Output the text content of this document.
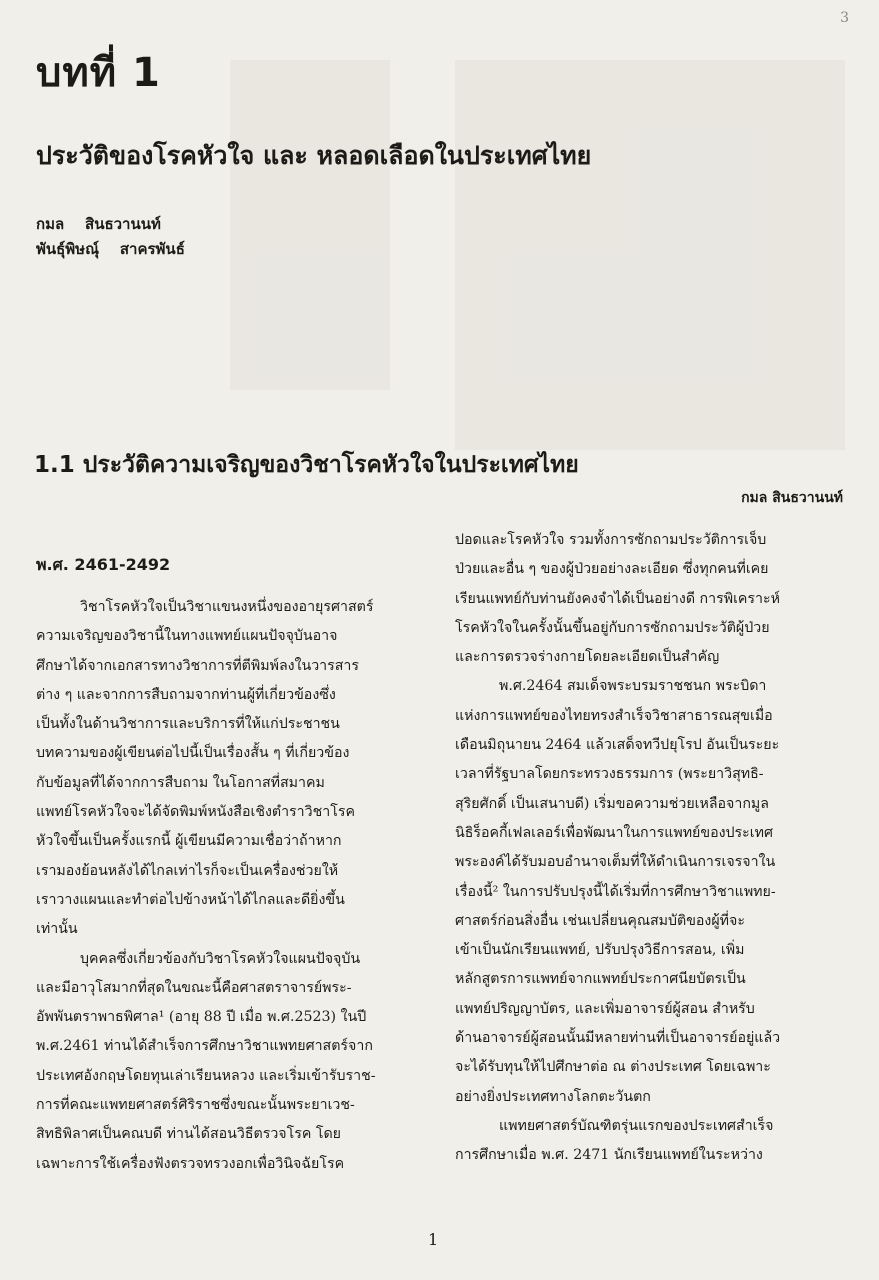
3
บทที่ 1
ประวัติของโรคหัวใจ และ หลอดเลือดในประเทศไทย
กมล    สินธวานนท์
พันธุ์พิษณุ์    สาครพันธ์
1.1 ประวัติความเจริญของวิชาโรคหัวใจในประเทศไทย
กมล สินธวานนท์
พ.ศ. 2461-2492
วิชาโรคหัวใจเป็นวิชาแขนงหนึ่งของอายุรศาสตร์
ความเจริญของวิชานี้ในทางแพทย์แผนปัจจุบันอาจ
ศึกษาได้จากเอกสารทางวิชาการที่ตีพิมพ์ลงในวารสาร
ต่าง ๆ และจากการสืบถามจากท่านผู้ที่เกี่ยวข้องซึ่ง
เป็นทั้งในด้านวิชาการและบริการที่ให้แก่ประชาชน
บทความของผู้เขียนต่อไปนี้เป็นเรื่องสั้น ๆ ที่เกี่ยวข้อง
กับข้อมูลที่ได้จากการสืบถาม ในโอกาสที่สมาคม
แพทย์โรคหัวใจจะได้จัดพิมพ์หนังสือเชิงตำราวิชาโรค
หัวใจขึ้นเป็นครั้งแรกนี้ ผู้เขียนมีความเชื่อว่าถ้าหาก
เรามองย้อนหลังได้ไกลเท่าไรก็จะเป็นเครื่องช่วยให้
เราวางแผนและทำต่อไปข้างหน้าได้ไกลและดียิ่งขึ้น
เท่านั้น
บุคคลซึ่งเกี่ยวข้องกับวิชาโรคหัวใจแผนปัจจุบัน
และมีอาวุโสมากที่สุดในขณะนี้คือศาสตราจารย์พระ-
อัพพันตราพาธพิศาล¹ (อายุ 88 ปี เมื่อ พ.ศ.2523) ในปี
พ.ศ.2461 ท่านได้สำเร็จการศึกษาวิชาแพทยศาสตร์จาก
ประเทศอังกฤษโดยทุนเล่าเรียนหลวง และเริ่มเข้ารับราช-
การที่คณะแพทยศาสตร์ศิริราชซึ่งขณะนั้นพระยาเวช-
สิทธิพิลาศเป็นคณบดี ท่านได้สอนวิธีตรวจโรค โดย
เฉพาะการใช้เครื่องฟังตรวจทรวงอกเพื่อวินิจฉัยโรค
ปอดและโรคหัวใจ รวมทั้งการซักถามประวัติการเจ็บ
ป่วยและอื่น ๆ ของผู้ป่วยอย่างละเอียด ซึ่งทุกคนที่เคย
เรียนแพทย์กับท่านยังคงจำได้เป็นอย่างดี การพิเคราะห์
โรคหัวใจในครั้งนั้นขึ้นอยู่กับการซักถามประวัติผู้ป่วย
และการตรวจร่างกายโดยละเอียดเป็นสำคัญ
พ.ศ.2464 สมเด็จพระบรมราชชนก พระบิดา
แห่งการแพทย์ของไทยทรงสำเร็จวิชาสาธารณสุขเมื่อ
เดือนมิถุนายน 2464 แล้วเสด็จทวีปยุโรป อันเป็นระยะ
เวลาที่รัฐบาลโดยกระทรวงธรรมการ (พระยาวิสุทธิ-
สุริยศักดิ์ เป็นเสนาบดี) เริ่มขอความช่วยเหลือจากมูล
นิธิร็อคกี้เฟลเลอร์เพื่อพัฒนาในการแพทย์ของประเทศ
พระองค์ได้รับมอบอำนาจเต็มที่ให้ดำเนินการเจรจาใน
เรื่องนี้² ในการปรับปรุงนี้ได้เริ่มที่การศึกษาวิชาแพทย-
ศาสตร์ก่อนสิ่งอื่น เช่นเปลี่ยนคุณสมบัติของผู้ที่จะ
เข้าเป็นนักเรียนแพทย์, ปรับปรุงวิธีการสอน, เพิ่ม
หลักสูตรการแพทย์จากแพทย์ประกาศนียบัตรเป็น
แพทย์ปริญญาบัตร, และเพิ่มอาจารย์ผู้สอน สำหรับ
ด้านอาจารย์ผู้สอนนั้นมีหลายท่านที่เป็นอาจารย์อยู่แล้ว
จะได้รับทุนให้ไปศึกษาต่อ ณ ต่างประเทศ โดยเฉพาะ
อย่างยิ่งประเทศทางโลกตะวันตก
แพทยศาสตร์บัณฑิตรุ่นแรกของประเทศสำเร็จ
การศึกษาเมื่อ พ.ศ. 2471 นักเรียนแพทย์ในระหว่าง
1
